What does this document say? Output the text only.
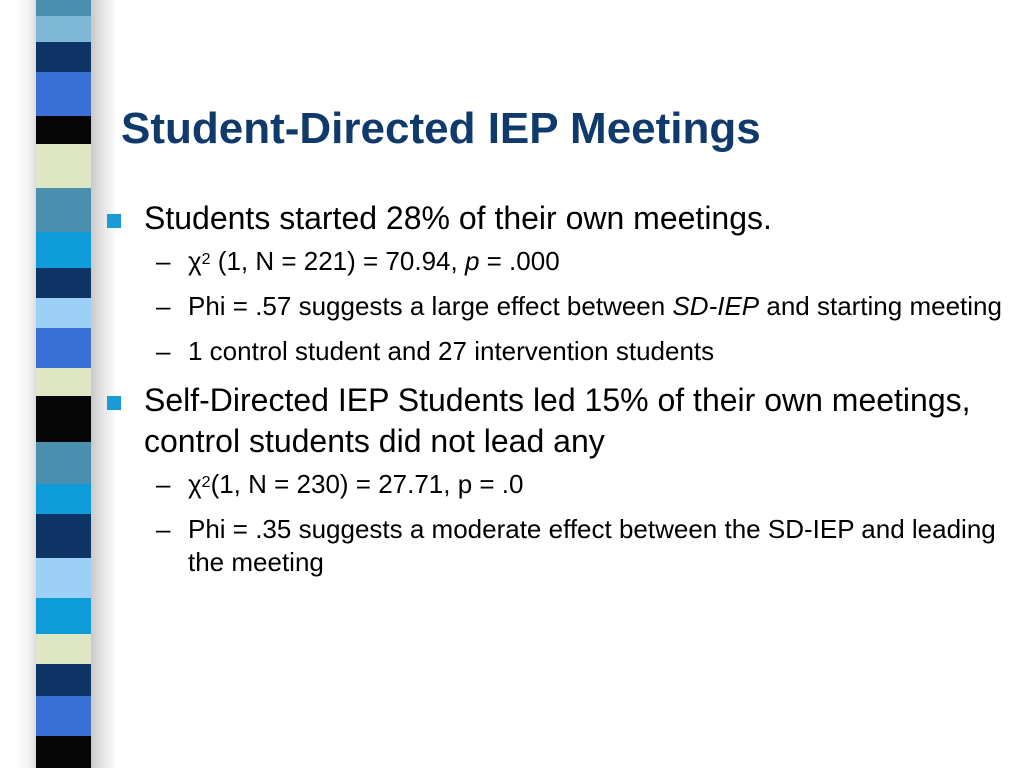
Student-Directed IEP Meetings
Students started 28% of their own meetings.
– $\chi^2$ (1, N = 221) = 70.94, p = .000
– Phi = .57 suggests a large effect between SD-IEP and starting meeting
– 1 control student and 27 intervention students
Self-Directed IEP Students led 15% of their own meetings, control students did not lead any
– $\chi^2(1$, N = 230) = 27.71, p = .0
– Phi = .35 suggests a moderate effect between the SD-IEP and leading the meeting
